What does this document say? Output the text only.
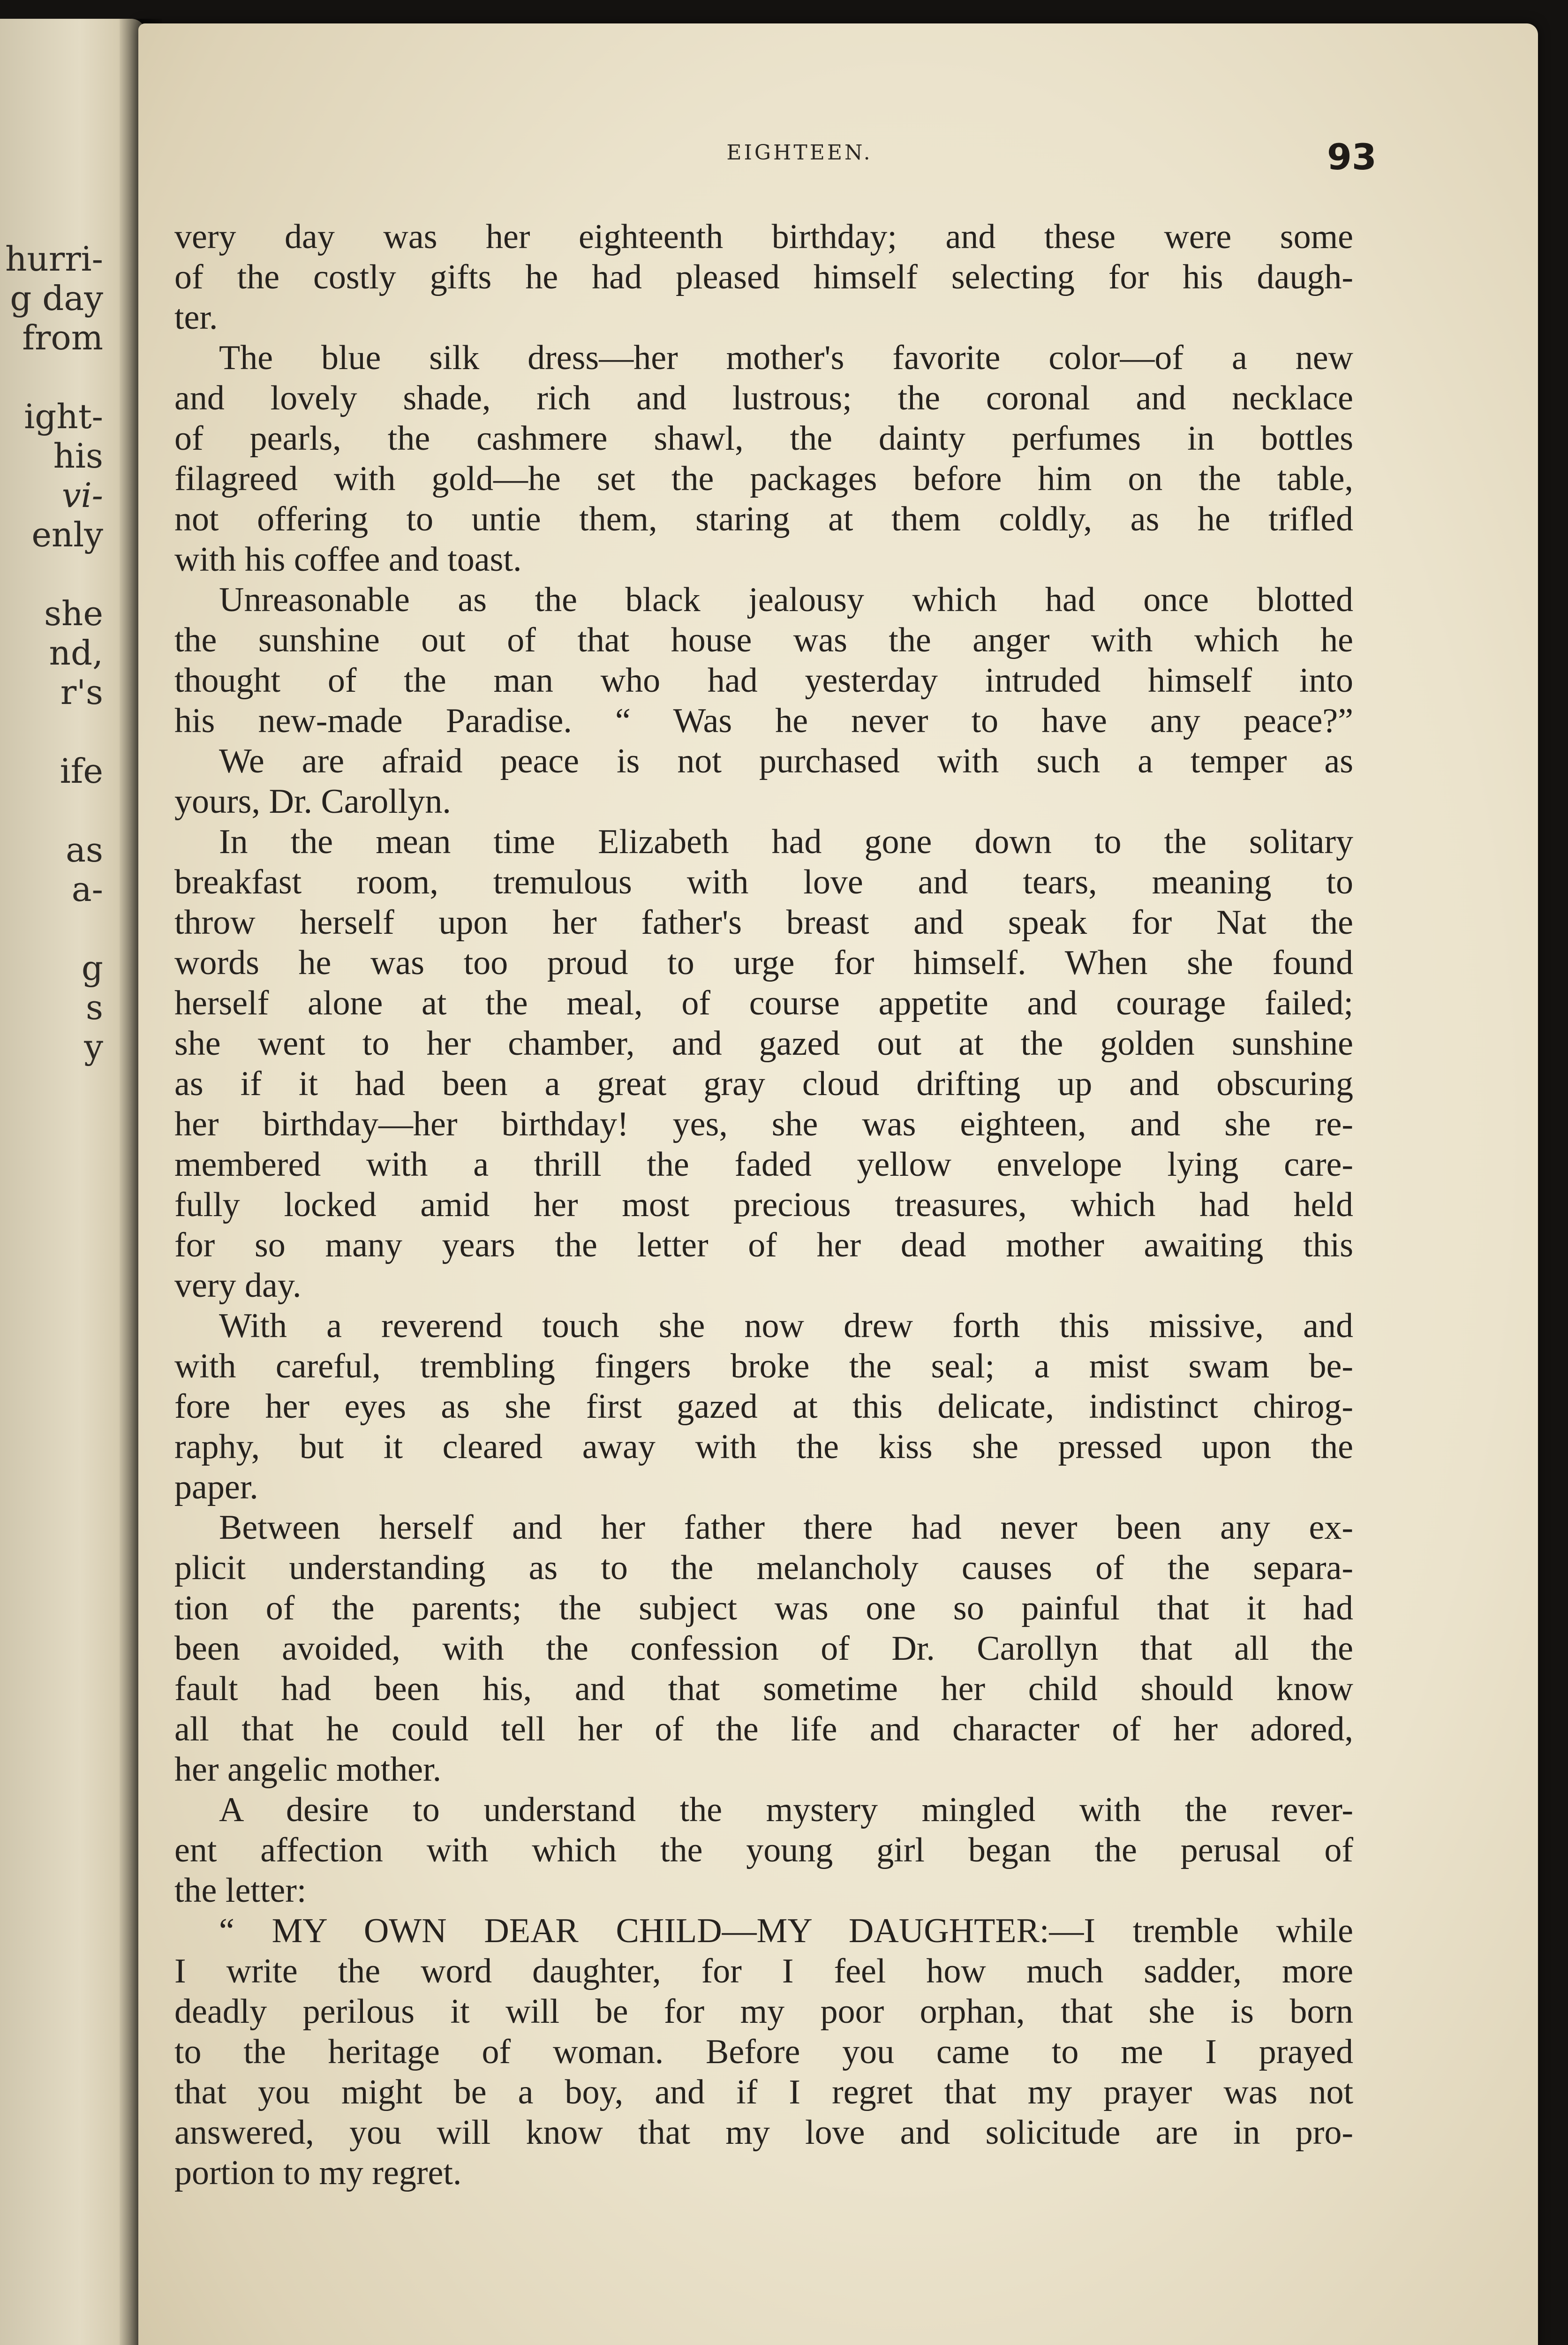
hurri-
g day
from
ight-
his
vi-
enly
she
nd,
r's
ife
as
a-
g
s
y
EIGHTEEN.	93
very day was her eighteenth birthday; and these were some
of the costly gifts he had pleased himself selecting for his daugh-
ter.
The blue silk dress—her mother's favorite color—of a new
and lovely shade, rich and lustrous; the coronal and necklace
of pearls, the cashmere shawl, the dainty perfumes in bottles
filagreed with gold—he set the packages before him on the table,
not offering to untie them, staring at them coldly, as he trifled
with his coffee and toast.
Unreasonable as the black jealousy which had once blotted
the sunshine out of that house was the anger with which he
thought of the man who had yesterday intruded himself into
his new-made Paradise. “ Was he never to have any peace?”
We are afraid peace is not purchased with such a temper as
yours, Dr. Carollyn.
In the mean time Elizabeth had gone down to the solitary
breakfast room, tremulous with love and tears, meaning to
throw herself upon her father's breast and speak for Nat the
words he was too proud to urge for himself. When she found
herself alone at the meal, of course appetite and courage failed;
she went to her chamber, and gazed out at the golden sunshine
as if it had been a great gray cloud drifting up and obscuring
her birthday—her birthday! yes, she was eighteen, and she re-
membered with a thrill the faded yellow envelope lying care-
fully locked amid her most precious treasures, which had held
for so many years the letter of her dead mother awaiting this
very day.
With a reverend touch she now drew forth this missive, and
with careful, trembling fingers broke the seal; a mist swam be-
fore her eyes as she first gazed at this delicate, indistinct chirog-
raphy, but it cleared away with the kiss she pressed upon the
paper.
Between herself and her father there had never been any ex-
plicit understanding as to the melancholy causes of the separa-
tion of the parents; the subject was one so painful that it had
been avoided, with the confession of Dr. Carollyn that all the
fault had been his, and that sometime her child should know
all that he could tell her of the life and character of her adored,
her angelic mother.
A desire to understand the mystery mingled with the rever-
ent affection with which the young girl began the perusal of
the letter:
“ MY OWN DEAR CHILD—MY DAUGHTER:—I tremble while
I write the word daughter, for I feel how much sadder, more
deadly perilous it will be for my poor orphan, that she is born
to the heritage of woman. Before you came to me I prayed
that you might be a boy, and if I regret that my prayer was not
answered, you will know that my love and solicitude are in pro-
portion to my regret.
